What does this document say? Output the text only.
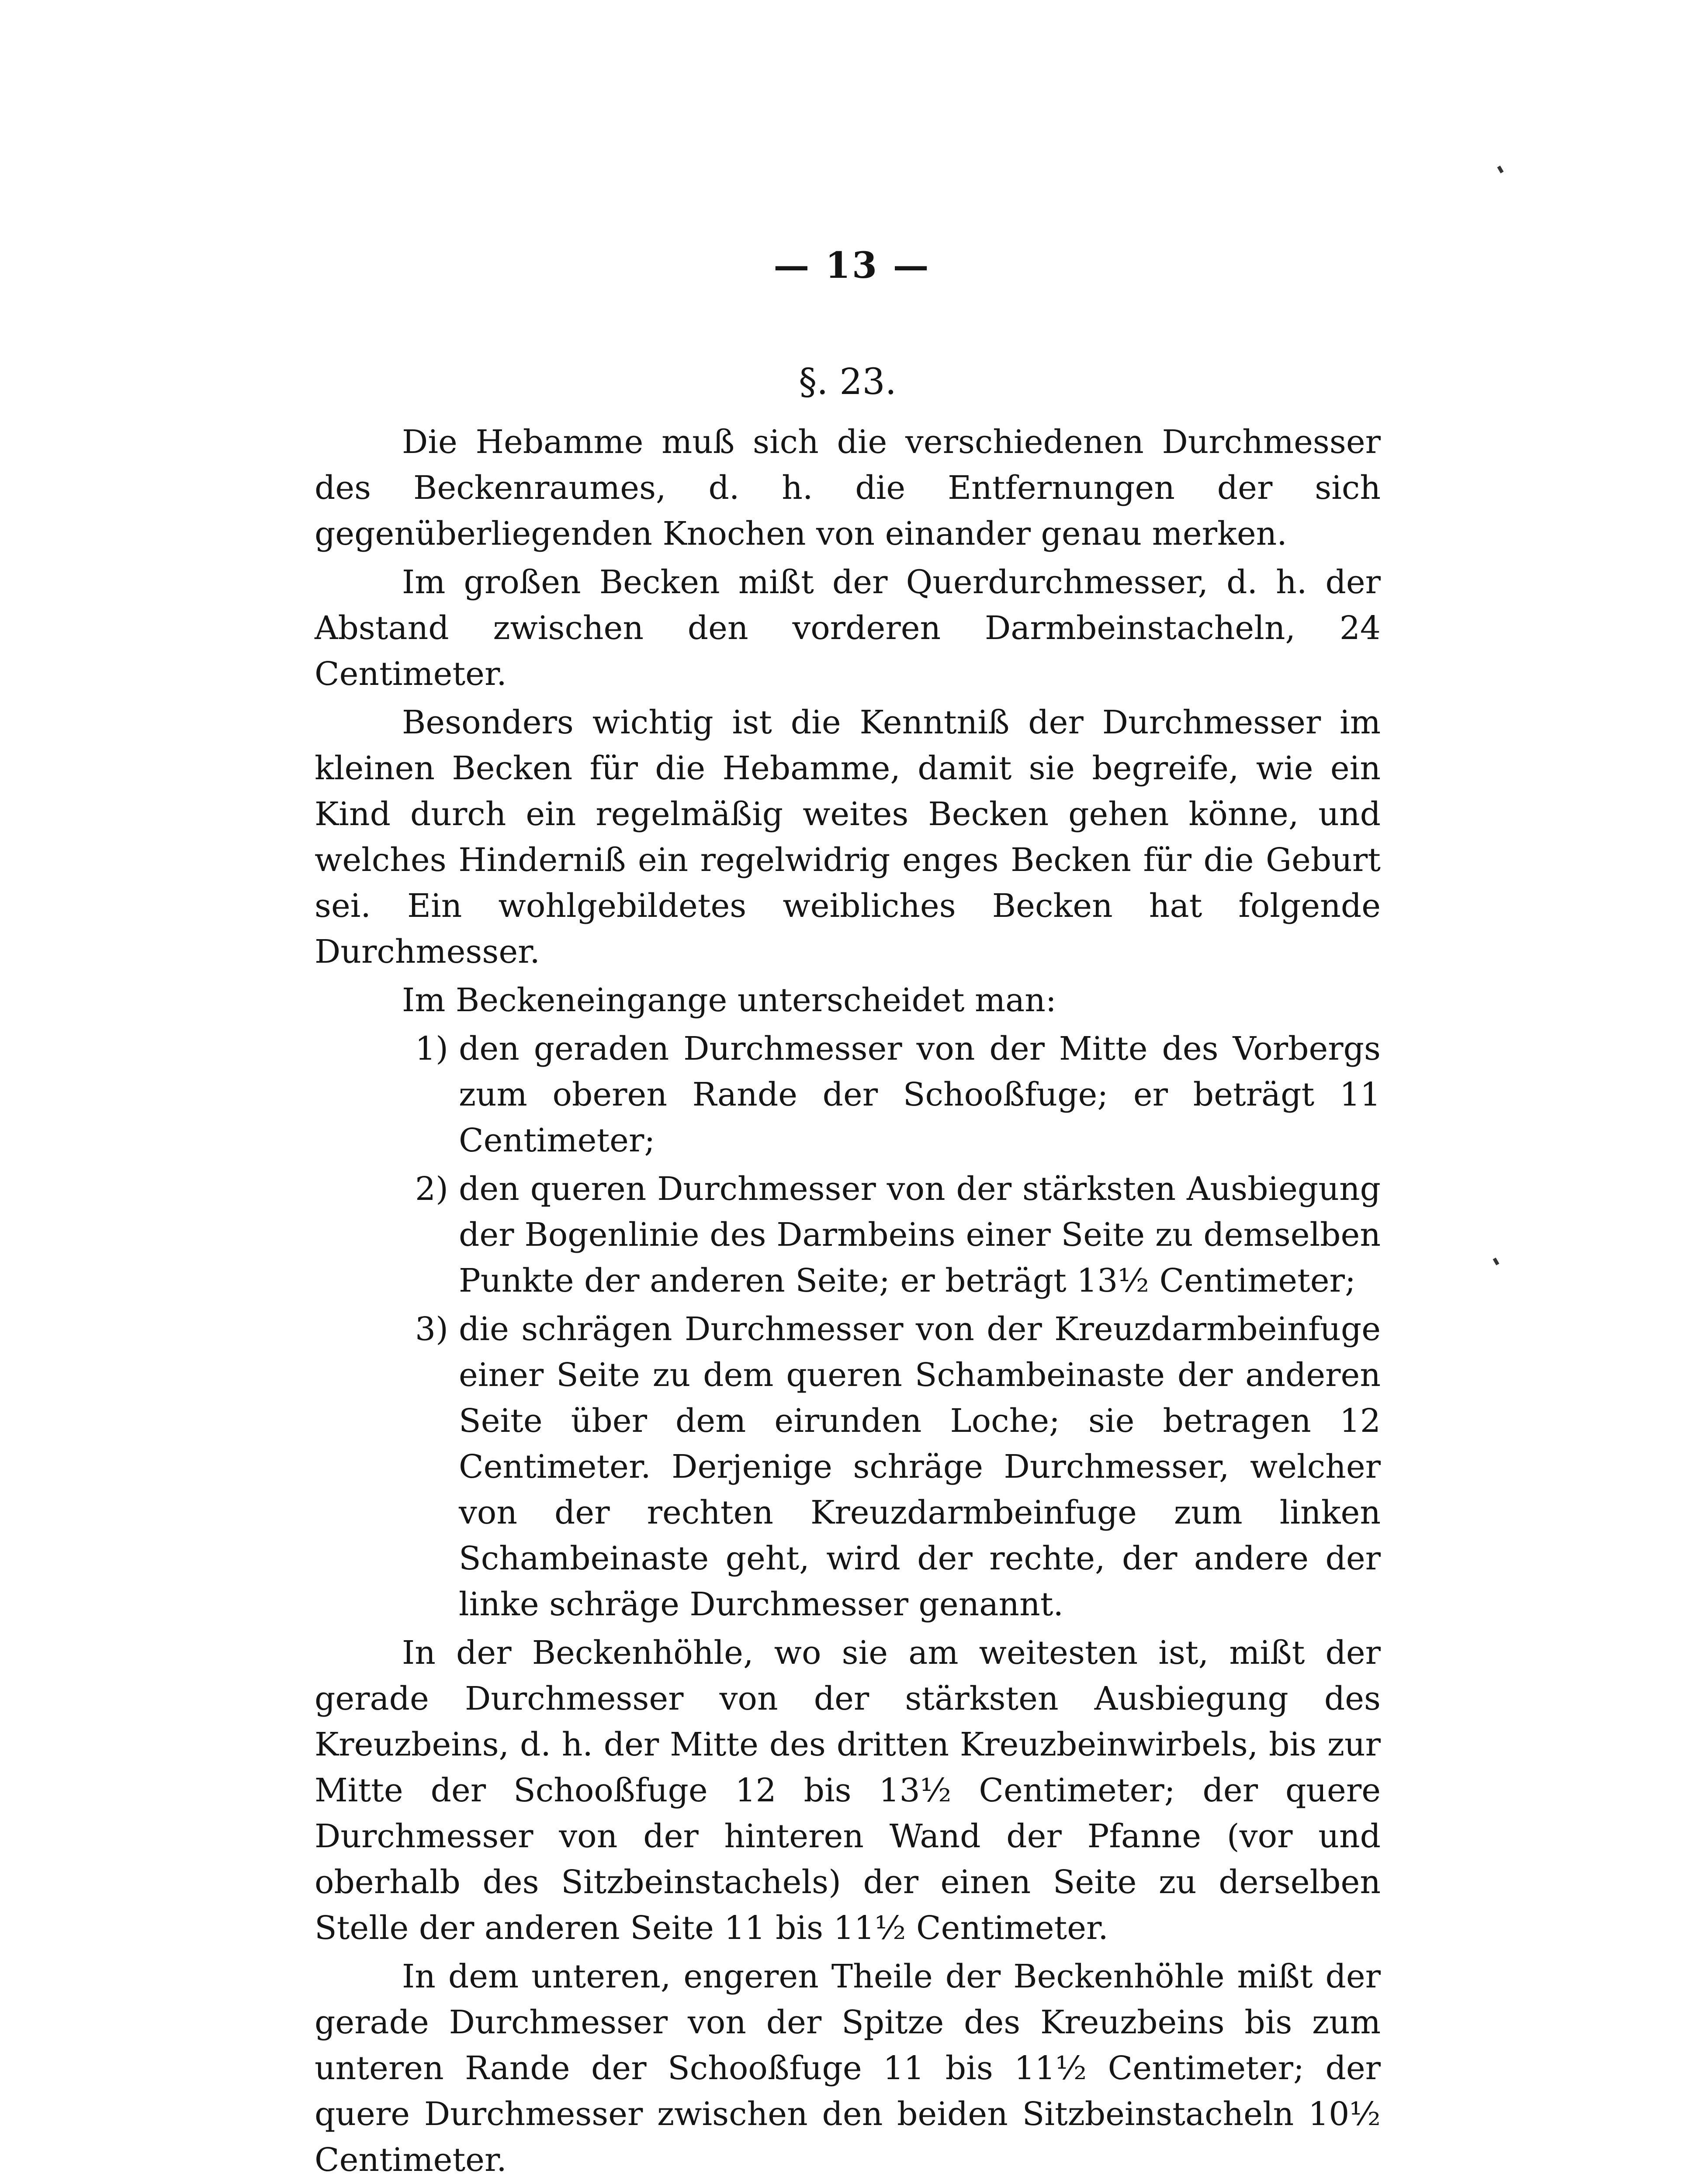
— 13 —
§. 23.

Die Hebamme muß sich die verschiedenen Durchmesser des Beckenraumes, d. h. die Entfernungen der sich gegenüberliegenden Knochen von einander genau merken.

Im großen Becken mißt der Querdurchmesser, d. h. der Abstand zwischen den vorderen Darmbeinstacheln, 24 Centimeter.

Besonders wichtig ist die Kenntniß der Durchmesser im kleinen Becken für die Hebamme, damit sie begreife, wie ein Kind durch ein regelmäßig weites Becken gehen könne, und welches Hinderniß ein regelwidrig enges Becken für die Geburt sei. Ein wohlgebildetes weibliches Becken hat folgende Durchmesser.

Im Beckeneingange unterscheidet man:

1) den geraden Durchmesser von der Mitte des Vorbergs zum oberen Rande der Schooßfuge; er beträgt 11 Centimeter;
2) den queren Durchmesser von der stärksten Ausbiegung der Bogenlinie des Darmbeins einer Seite zu demselben Punkte der anderen Seite; er beträgt 13½ Centimeter;
3) die schrägen Durchmesser von der Kreuzdarmbeinfuge einer Seite zu dem queren Schambeinaste der anderen Seite über dem eirunden Loche; sie betragen 12 Centimeter. Derjenige schräge Durchmesser, welcher von der rechten Kreuzdarmbeinfuge zum linken Schambeinaste geht, wird der rechte, der andere der linke schräge Durchmesser genannt.

In der Beckenhöhle, wo sie am weitesten ist, mißt der gerade Durchmesser von der stärksten Ausbiegung des Kreuzbeins, d. h. der Mitte des dritten Kreuzbeinwirbels, bis zur Mitte der Schooßfuge 12 bis 13½ Centimeter; der quere Durchmesser von der hinteren Wand der Pfanne (vor und oberhalb des Sitzbeinstachels) der einen Seite zu derselben Stelle der anderen Seite 11 bis 11½ Centimeter.

In dem unteren, engeren Theile der Beckenhöhle mißt der gerade Durchmesser von der Spitze des Kreuzbeins bis zum unteren Rande der Schooßfuge 11 bis 11½ Centimeter; der quere Durchmesser zwischen den beiden Sitzbeinstacheln 10½ Centimeter.
